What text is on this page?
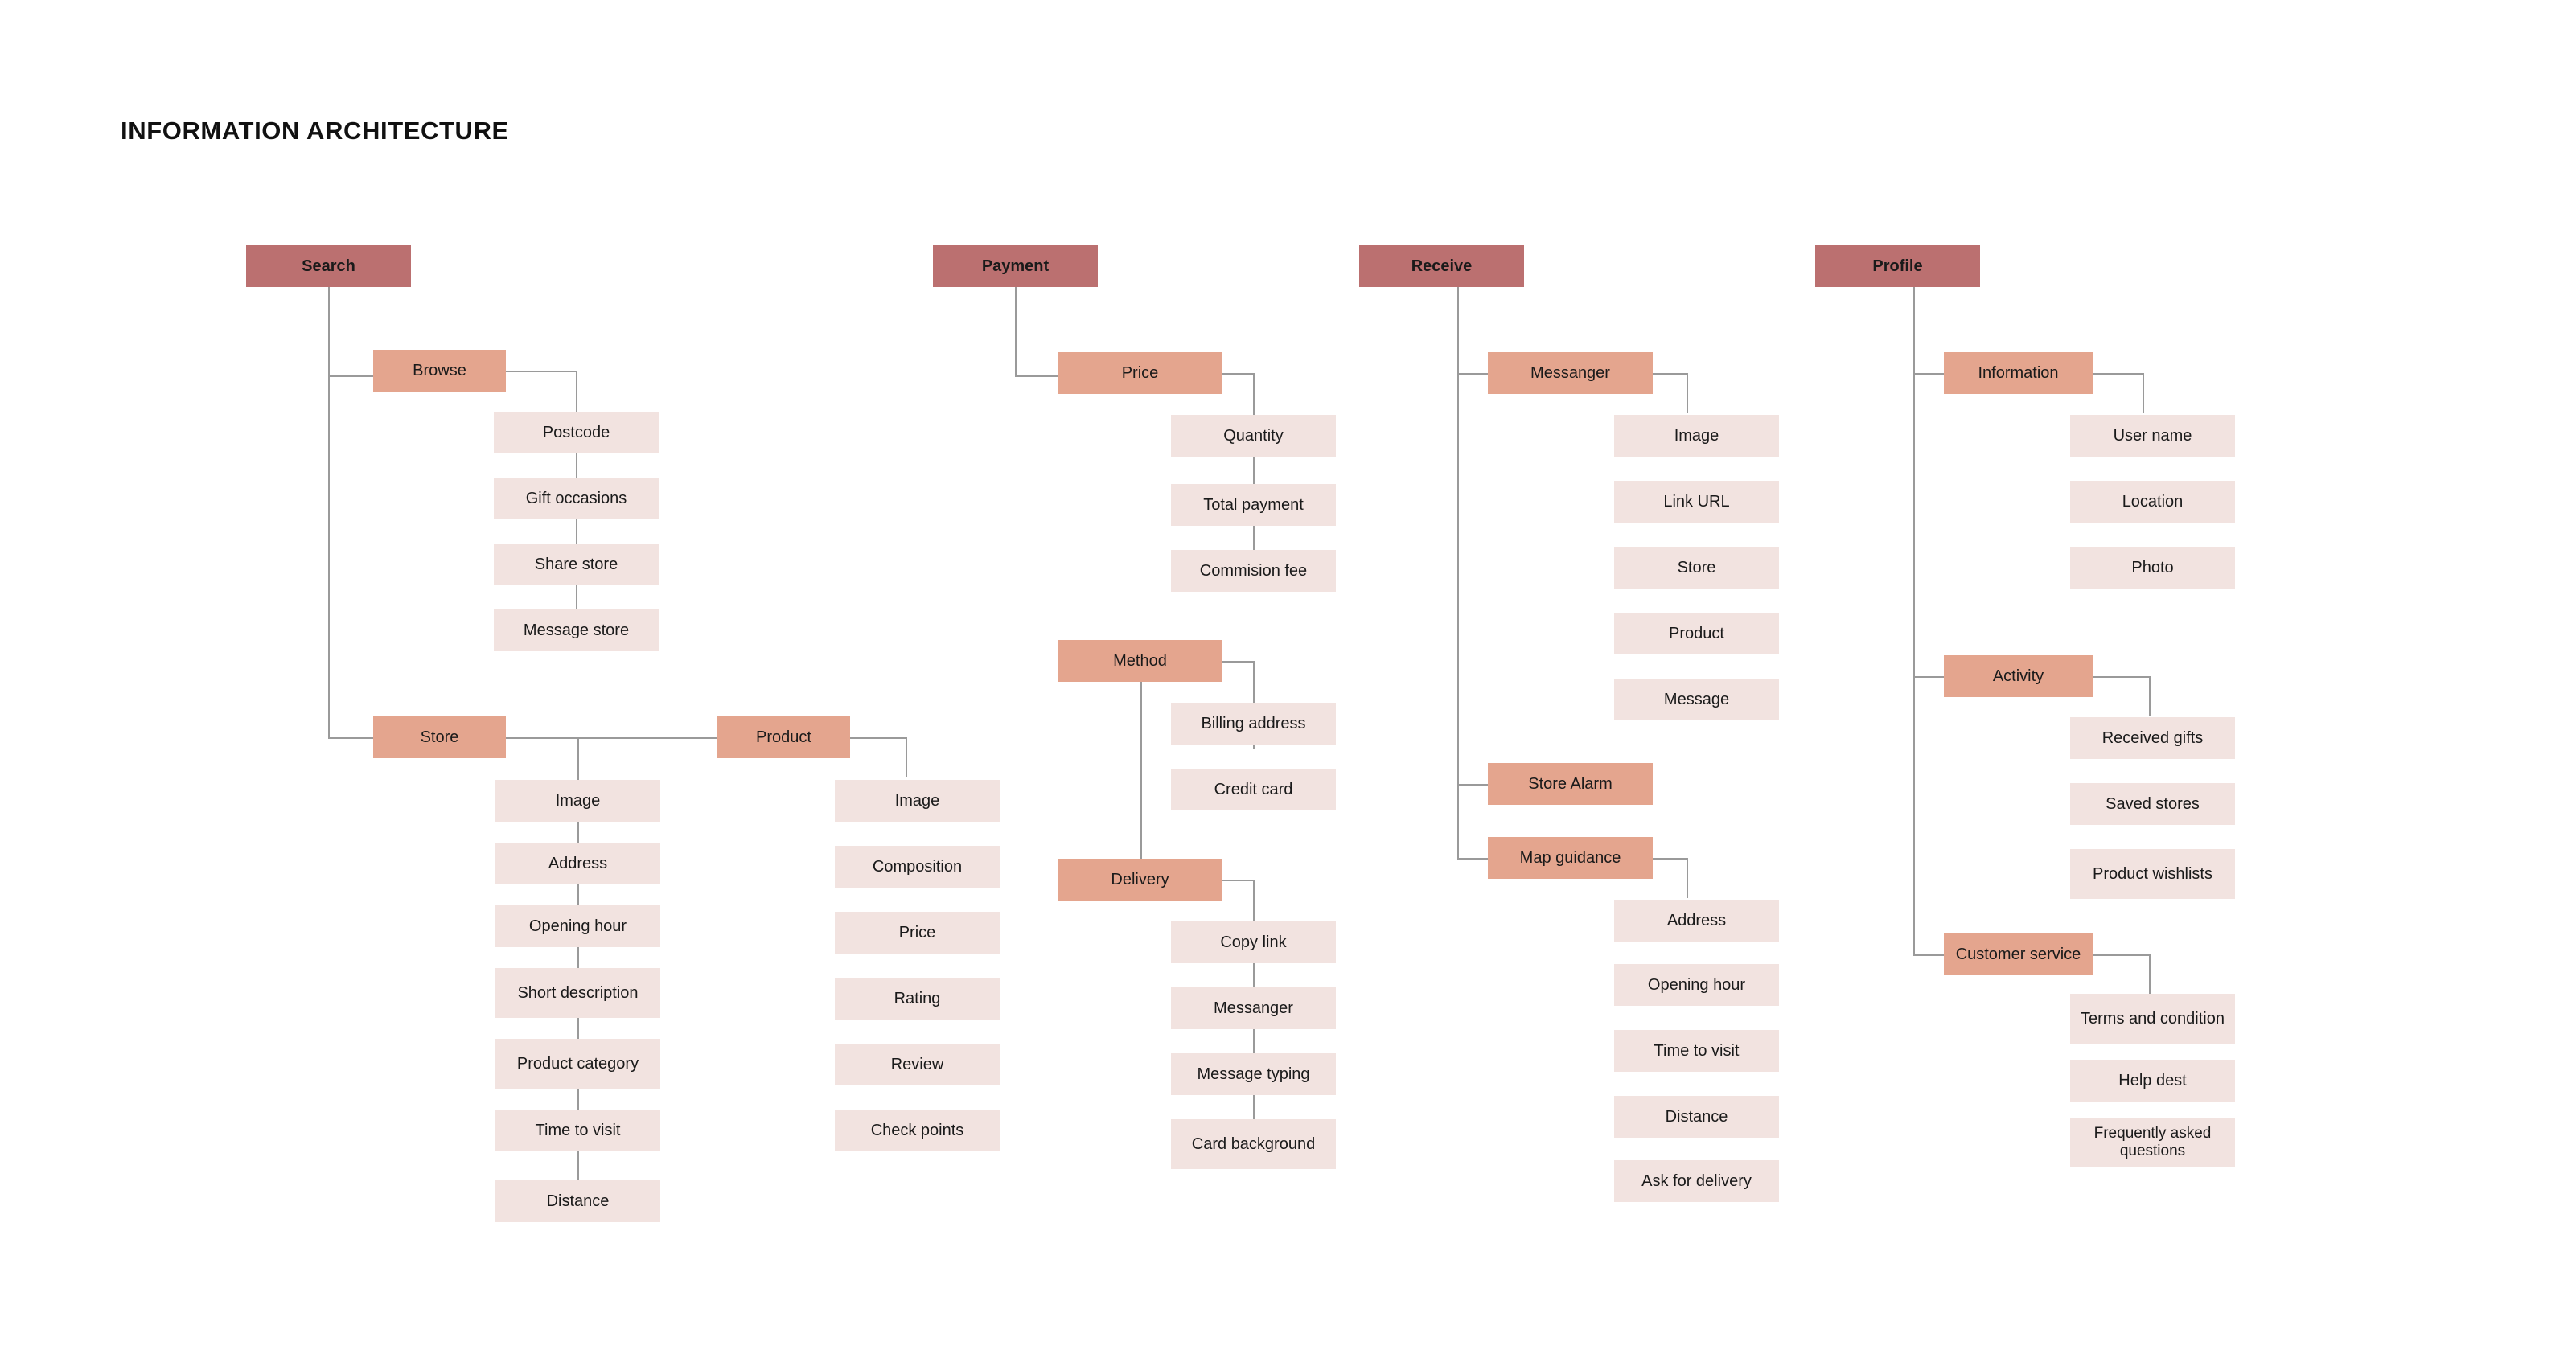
INFORMATION ARCHITECTURE
Search
Browse
Postcode
Gift occasions
Share store
Message store
Store
Image
Address
Opening hour
Short description
Product category
Time to visit
Distance
Product
Image
Composition
Price
Rating
Review
Check points
Payment
Price
Quantity
Total payment
Commision fee
Method
Billing address
Credit card
Delivery
Copy link
Messanger
Message typing
Card background
Receive
Messanger
Image
Link URL
Store
Product
Message
Store Alarm
Map guidance
Address
Opening hour
Time to visit
Distance
Ask for delivery
Profile
Information
User name
Location
Photo
Activity
Received gifts
Saved stores
Product wishlists
Customer service
Terms and condition
Help dest
Frequently asked questions
